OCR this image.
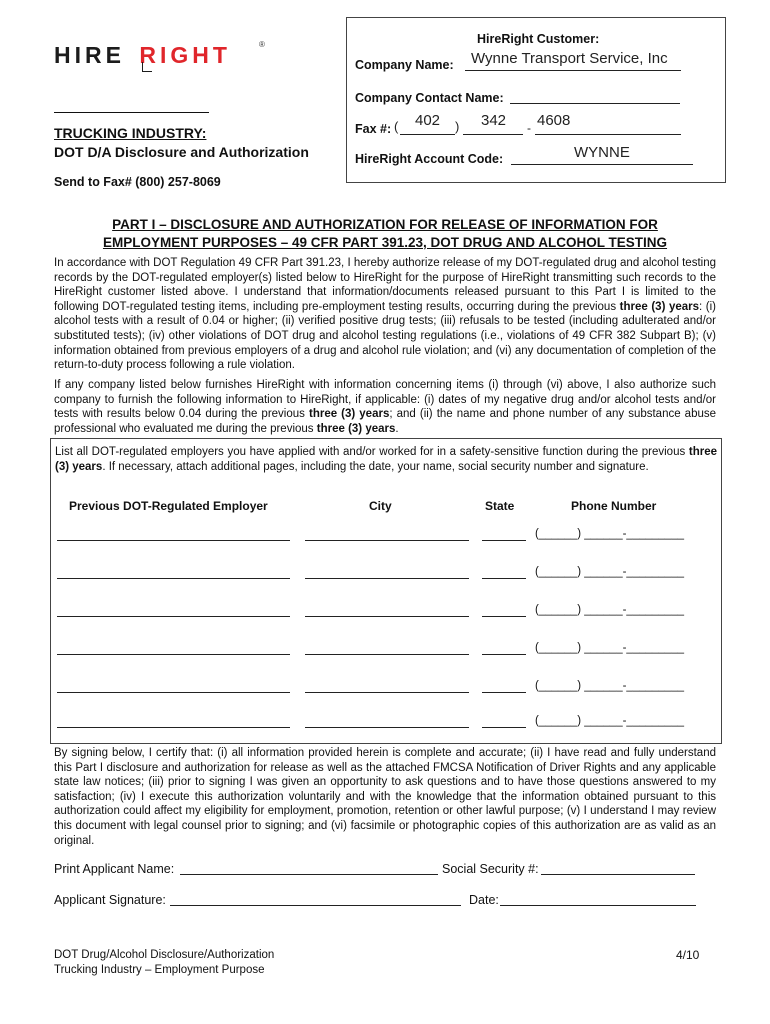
HIRE RIGHT	®	HireRight Customer:
Company Name: Wynne Transport Service, Inc
Company Contact Name:
Fax #: ( 402 ) 342 - 4608
HireRight Account Code:	WYNNE
TRUCKING INDUSTRY:
DOT D/A Disclosure and Authorization
Send to Fax# (800) 257-8069
PART I – DISCLOSURE AND AUTHORIZATION FOR RELEASE OF INFORMATION FOR
EMPLOYMENT PURPOSES – 49 CFR PART 391.23, DOT DRUG AND ALCOHOL TESTING
In accordance with DOT Regulation 49 CFR Part 391.23, I hereby authorize release of my DOT-regulated drug and alcohol testing records by the DOT-regulated employer(s) listed below to HireRight for the purpose of HireRight transmitting such records to the HireRight customer listed above. I understand that information/documents released pursuant to this Part I is limited to the following DOT-regulated testing items, including pre-employment testing results, occurring during the previous three (3) years: (i) alcohol tests with a result of 0.04 or higher; (ii) verified positive drug tests; (iii) refusals to be tested (including adulterated and/or substituted tests); (iv) other violations of DOT drug and alcohol testing regulations (i.e., violations of 49 CFR 382 Subpart B); (v) information obtained from previous employers of a drug and alcohol rule violation; and (vi) any documentation of completion of the return-to-duty process following a rule violation.
If any company listed below furnishes HireRight with information concerning items (i) through (vi) above, I also authorize such company to furnish the following information to HireRight, if applicable: (i) dates of my negative drug and/or alcohol tests and/or tests with results below 0.04 during the previous three (3) years; and (ii) the name and phone number of any substance abuse professional who evaluated me during the previous three (3) years.
List all DOT-regulated employers you have applied with and/or worked for in a safety-sensitive function during the previous three (3) years. If necessary, attach additional pages, including the date, your name, social security number and signature.
Previous DOT-Regulated Employer	City	State	Phone Number
(______) ______-_________
(______) ______-_________
(______) ______-_________
(______) ______-_________
(______) ______-_________
(______) ______-_________
By signing below, I certify that: (i) all information provided herein is complete and accurate; (ii) I have read and fully understand this Part I disclosure and authorization for release as well as the attached FMCSA Notification of Driver Rights and any applicable state law notices; (iii) prior to signing I was given an opportunity to ask questions and to have those questions answered to my satisfaction; (iv) I execute this authorization voluntarily and with the knowledge that the information obtained pursuant to this authorization could affect my eligibility for employment, promotion, retention or other lawful purpose; (v) I understand I may review this document with legal counsel prior to signing; and (vi) facsimile or photographic copies of this authorization are as valid as an original.
Print Applicant Name:	Social Security #:
Applicant Signature:	Date:
DOT Drug/Alcohol Disclosure/Authorization
Trucking Industry – Employment Purpose
4/10
